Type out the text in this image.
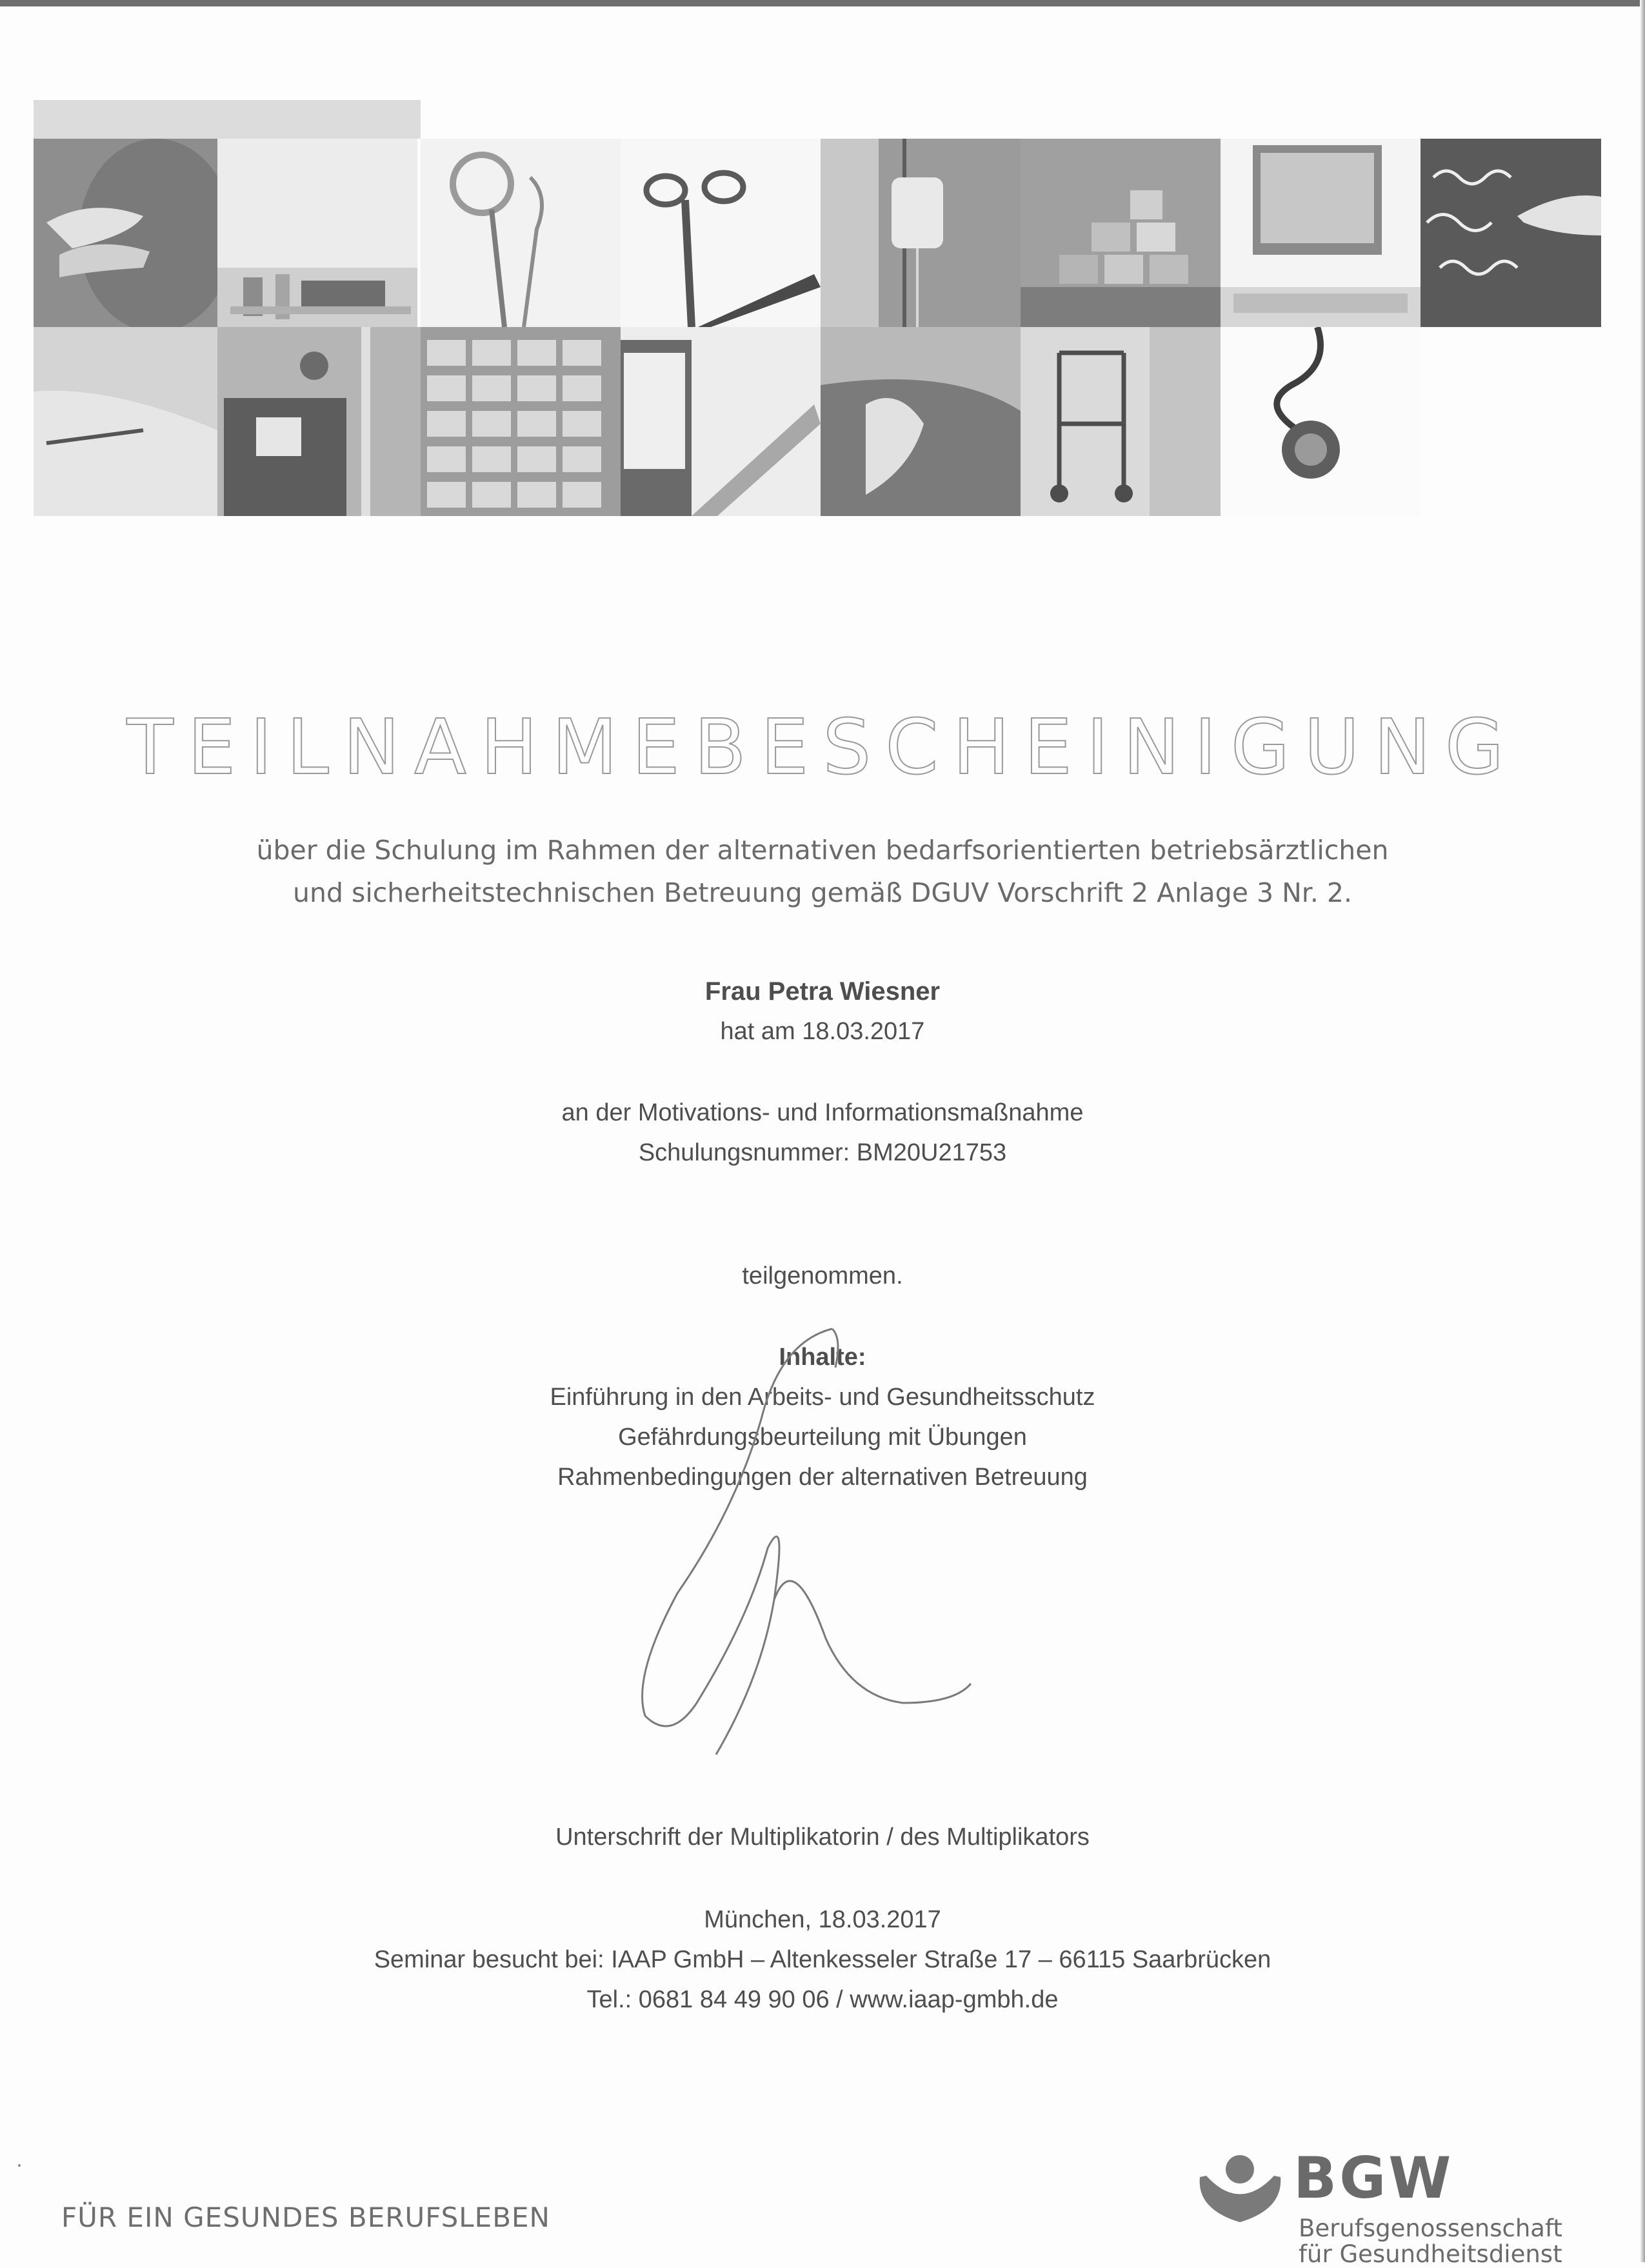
TEILNAHMEBESCHEINIGUNG
über die Schulung im Rahmen der alternativen bedarfsorientierten betriebsärztlichen
und sicherheitstechnischen Betreuung gemäß DGUV Vorschrift 2 Anlage 3 Nr. 2.
Frau Petra Wiesner
hat am 18.03.2017
an der Motivations- und Informationsmaßnahme
Schulungsnummer: BM20U21753
teilgenommen.
Inhalte:
Einführung in den Arbeits- und Gesundheitsschutz
Gefährdungsbeurteilung mit Übungen
Rahmenbedingungen der alternativen Betreuung
Unterschrift der Multiplikatorin / des Multiplikators
München, 18.03.2017
Seminar besucht bei: IAAP GmbH – Altenkesseler Straße 17 – 66115 Saarbrücken
Tel.: 0681 84 49 90 06 / www.iaap-gmbh.de
FÜR EIN GESUNDES BERUFSLEBEN
BGW
Berufsgenossenschaft
für Gesundheitsdienst
